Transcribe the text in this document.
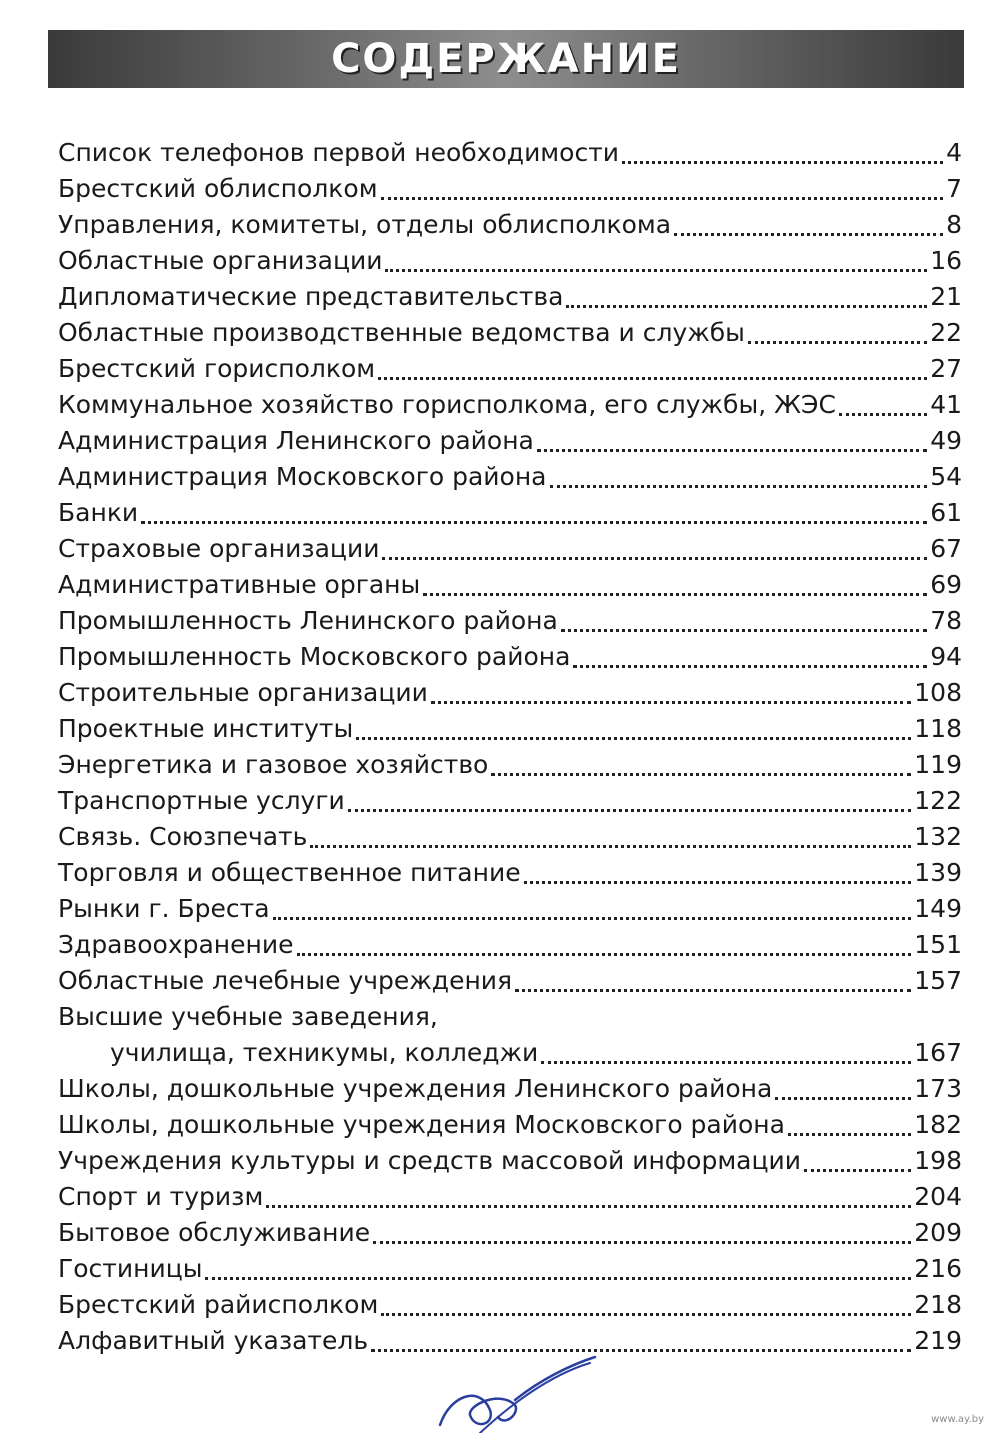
СОДЕРЖАНИЕ
Список телефонов первой необходимости	4
Брестский облисполком	7
Управления, комитеты, отделы облисполкома	8
Областные организации	16
Дипломатические представительства	21
Областные производственные ведомства и службы	22
Брестский горисполком	27
Коммунальное хозяйство горисполкома, его службы, ЖЭС	41
Администрация Ленинского района	49
Администрация Московского района	54
Банки	61
Страховые организации	67
Административные органы	69
Промышленность Ленинского района	78
Промышленность Московского района	94
Строительные организации	108
Проектные институты	118
Энергетика и газовое хозяйство	119
Транспортные услуги	122
Связь. Союзпечать	132
Торговля и общественное питание	139
Рынки г. Бреста	149
Здравоохранение	151
Областные лечебные учреждения	157
Высшие учебные заведения,
училища, техникумы, колледжи	167
Школы, дошкольные учреждения Ленинского района	173
Школы, дошкольные учреждения Московского района	182
Учреждения культуры и средств массовой информации	198
Спорт и туризм	204
Бытовое обслуживание	209
Гостиницы	216
Брестский райисполком	218
Алфавитный указатель	219
www.ay.by
